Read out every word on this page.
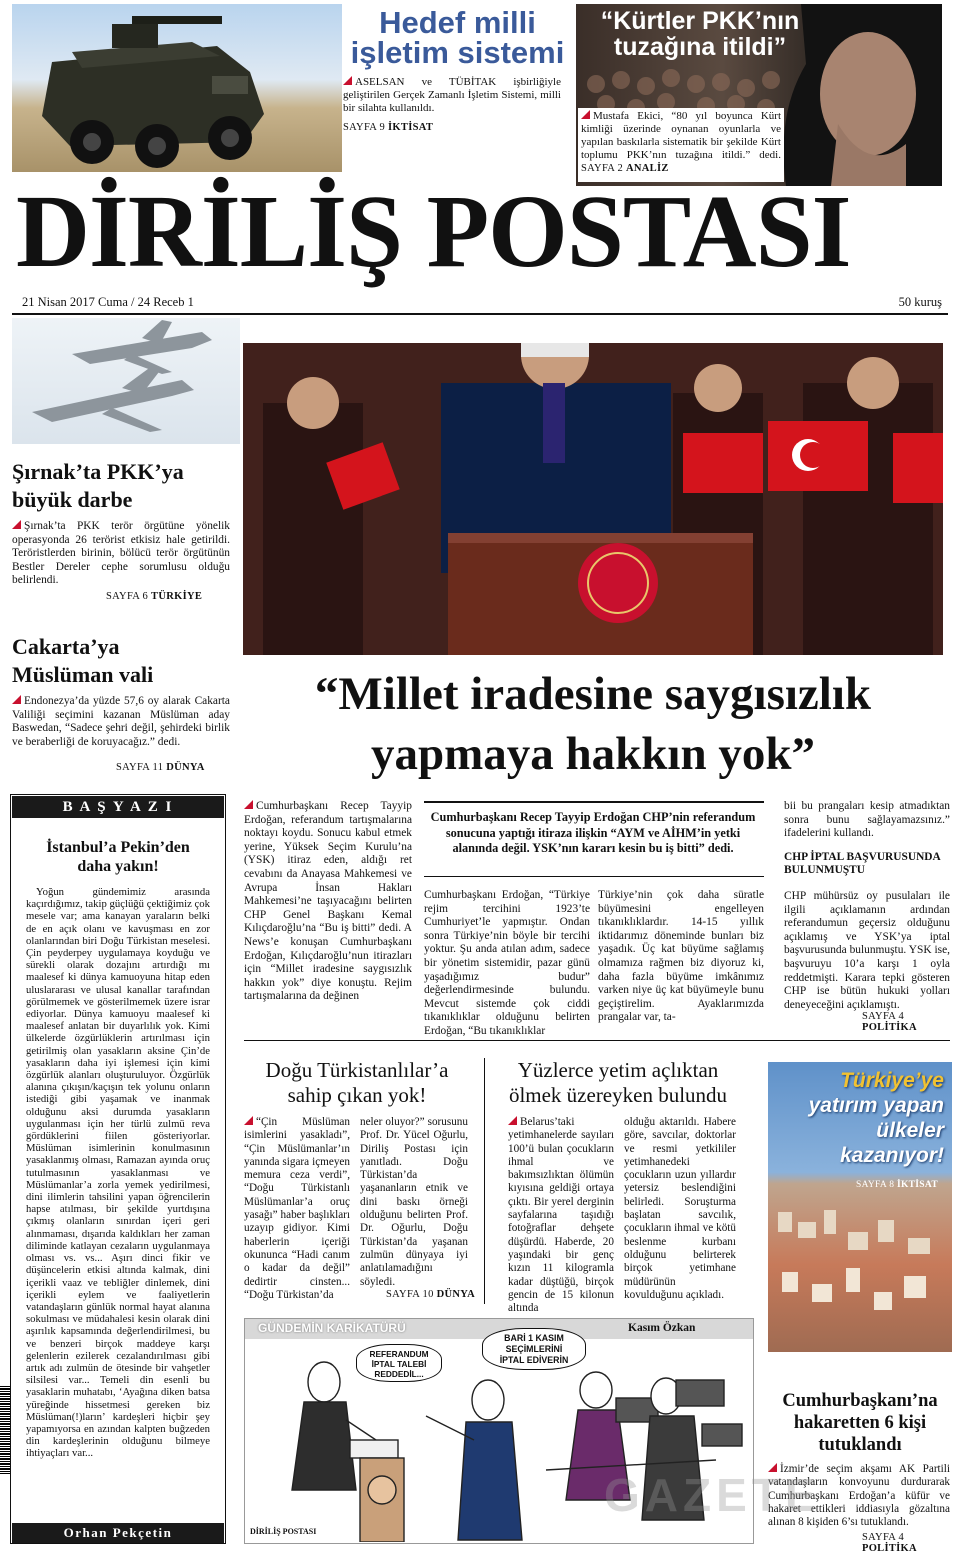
Hedef milli
işletim sistemi
ASELSAN ve TÜBİTAK işbirliğiyle geliştirilen Gerçek Zamanlı İşletim Sistemi, milli bir silahta kullanıldı.
SAYFA 9 İKTİSAT
“Kürtler PKK’nın
tuzağına itildi”
Mustafa Ekici, “80 yıl boyunca Kürt kimliği üzerinde oynanan oyunlarla ve yapılan baskılarla sistematik bir şekilde Kürt toplumu PKK’nın tuzağına itildi.” dedi. SAYFA 2 ANALİZ
DİRİLİŞ POSTASI
21 Nisan 2017 Cuma / 24 Receb 1	50 kuruş
Şırnak’ta PKK’ya
büyük darbe
Şırnak’ta PKK terör örgütüne yönelik operasyonda 26 terörist etkisiz hale getirildi. Teröristlerden birinin, bölücü terör örgütünün Bestler Dereler cephe sorumlusu olduğu belirlendi.
SAYFA 6 TÜRKİYE
Cakarta’ya
Müslüman vali
Endonezya’da yüzde 57,6 oy alarak Cakarta Valiliği seçimini kazanan Müslüman aday Baswedan, “Sadece şehri değil, şehirdeki birlik ve beraberliği de koruyacağız.” dedi.
SAYFA 11 DÜNYA
“Millet iradesine saygısızlık
yapmaya hakkın yok”
Cumhurbaşkanı Recep Tayyip Erdoğan, referandum tartışmalarına noktayı koydu. Sonucu kabul etmek yerine, Yüksek Seçim Kurulu’na (YSK) itiraz eden, aldığı ret cevabını da Anayasa Mahkemesi ve Avrupa İnsan Hakları Mahkemesi’ne taşıyacağını belirten CHP Genel Başkanı Kemal Kılıçdaroğlu’na “Bu iş bitti” dedi. A News’e konuşan Cumhurbaşkanı Erdoğan, Kılıçdaroğlu’nun itirazları için “Millet iradesine saygısızlık hakkın yok” diye konuştu. Rejim tartışmalarına da değinen
Cumhurbaşkanı Recep Tayyip Erdoğan CHP’nin referandum sonucuna yaptığı itiraza ilişkin “AYM ve AİHM’in yetki alanında değil. YSK’nın kararı kesin bu iş bitti” dedi.
Cumhurbaşkanı Erdoğan, “Türkiye rejim tercihini 1923’te Cumhuriyet’le yapmıştır. Ondan sonra Türkiye’nin böyle bir tercihi yoktur. Şu anda atılan adım, sadece bir yönetim sistemidir, pazar günü yaşadığımız budur” değerlendirmesinde bulundu. Mevcut sistemde çok ciddi tıkanıklıklar olduğunu belirten Erdoğan, “Bu tıkanıklıklar
Türkiye’nin çok daha süratle büyümesini engelleyen tıkanıklıklardır. 14-15 yıllık iktidarımız döneminde bunları biz yaşadık. Üç kat büyüme sağlamış olmamıza rağmen biz diyoruz ki, daha fazla büyüme imkânımız varken niye üç kat büyümeyle bunu geçiştirelim. Ayaklarımızda prangalar var, ta-
bii bu prangaları kesip atmadıktan sonra bunu sağlayamazsınız.” ifadelerini kullandı.
CHP İPTAL BAŞVURUSUNDA BULUNMUŞTU
CHP mühürsüz oy pusulaları ile ilgili açıklamanın ardından referandumun geçersiz olduğunu açıklamış ve YSK’ya iptal başvurusunda bulunmuştu. YSK ise, başvuruyu 10’a karşı 1 oyla reddetmişti. Karara tepki gösteren CHP ise bütün hukuki yolları deneyeceğini açıklamıştı.
SAYFA 4 POLİTİKA
B A Ş Y A Z I
İstanbul’a Pekin’den
daha yakın!
Yoğun gündemimiz arasında kaçırdığımız, takip güçlüğü çektiğimiz çok mesele var; ama kanayan yaraların belki de en açık olanı ve kavuşması en zor olanlarından biri Doğu Türkistan meselesi. Çin peyderpey uygulamaya koyduğu ve sürekli olarak dozajını artırdığı mı maalesef ki dünya kamuoyuna hitap eden uluslararası ve ulusal kanallar tarafından görülmemek ve gösterilmemek üzere israr ediyorlar. Dünya kamuoyu maalesef ki maalesef anlatan bir duyarlılık yok. Kimi ülkelerde özgürlüklerin artırılması için getirilmiş olan yasakların aksine Çin’de yasakların daha iyi işlemesi için kimi özgürlük alanları oluşturuluyor. Özgürlük alanına çıkışın/kaçışın tek yolunu onların istediği gibi yaşamak ve inanmak olduğunu aksi durumda yasakların uygulanması için her türlü zulmü reva gördüklerini fiilen gösteriyorlar. Müslüman isimlerinin konulmasının yasaklanmış olması, Ramazan ayında oruç tutulmasının yasaklanması ve Müslümanlar’a zorla yemek yedirilmesi, dini ilimlerin tahsilini yapan öğrencilerin hapse atılması, bir şekilde yurtdışına çıkmış olanların sınırdan içeri geri alınmaması, dışarıda kaldıkları her zaman diliminde katlayan cezaların uygulanmaya olması vs. vs... Aşırı dinci fikir ve düşüncelerin etkisi altında kalmak, dini içerikli vaaz ve tebliğler dinlemek, dini içerikli eylem ve faaliyetlerin vatandaşların günlük normal hayat alanına sokulması ve müdahalesi kesin olarak dini aşırılık kapsamında değerlendirilmesi, bu ve benzeri birçok maddeye karşı gelenlerin ezilerek cezalandırılması gibi artık adı zulmün de ötesinde bir vahşetler silsilesi var... Temeli din esenli bu yasaklarin muhatabı, ‘Ayağına diken batsa yüreğinde hissetmesi gereken biz Müslüman(!)ların’ kardeşleri hiçbir şey yapamıyorsa en azından kalpten buğzeden din kardeşlerinin olduğunu bilmeye ihtiyaçları var...
Orhan Pekçetin
Doğu Türkistanlılar’a
sahip çıkan yok!
“Çin Müslüman isimlerini yasakladı”, “Çin Müslümanlar’ın yanında sigara içmeyen memura ceza verdi”, “Doğu Türkistanlı Müslümanlar’a oruç yasağı” haber başlıkları uzayıp gidiyor. Kimi haberlerin içeriği okununca “Hadi canım o kadar da değil” dedirtir cinsten... “Doğu Türkistan’da
neler oluyor?” sorusunu Prof. Dr. Yücel Oğurlu, Diriliş Postası için yanıtladı. Doğu Türkistan’da yaşananların etnik ve dini baskı örneği olduğunu belirten Prof. Dr. Oğurlu, Doğu Türkistan’da yaşanan zulmün dünyaya iyi anlatılamadığını söyledi.
SAYFA 10 DÜNYA
Yüzlerce yetim açlıktan
ölmek üzereyken bulundu
Belarus’taki yetimhanelerde sayıları 100’ü bulan çocukların ihmal ve bakımsızlıktan ölümün kıyısına geldiği ortaya çıktı. Bir yerel derginin sayfalarına taşıdığı fotoğraflar dehşete düşürdü. Haberde, 20 yaşındaki bir genç kızın 11 kilogramla kadar düştüğü, birçok gencin de 15 kilonun altında
olduğu aktarıldı. Habere göre, savcılar, doktorlar ve resmi yetkililer yetimhanedeki çocukların uzun yıllardır yetersiz beslendiğini belirledi. Soruşturma başlatan savcılık, çocukların ihmal ve kötü beslenme kurbanı olduğunu belirterek birçok yetimhane müdürünün kovulduğunu açıkladı.
Türkiye’ye
yatırım yapan
ülkeler
kazanıyor!
SAYFA 8 İKTİSAT
GÜNDEMİN KARİKATÜRÜ	Kasım Özkan
REFERANDUM
İPTAL TALEBİ
REDDEDİL...
BARİ 1 KASIM
SEÇİMLERİNİ
İPTAL EDİVERİN
DİRİLİŞ POSTASI
Cumhurbaşkanı’na
hakaretten 6 kişi
tutuklandı
İzmir’de seçim akşamı AK Partili vatandaşların konvoyunu durdurarak Cumhurbaşkanı Erdoğan’a küfür ve hakaret ettikleri iddiasıyla gözaltına alınan 8 kişiden 6’sı tutuklandı.
SAYFA 4 POLİTİKA
GAZETE
